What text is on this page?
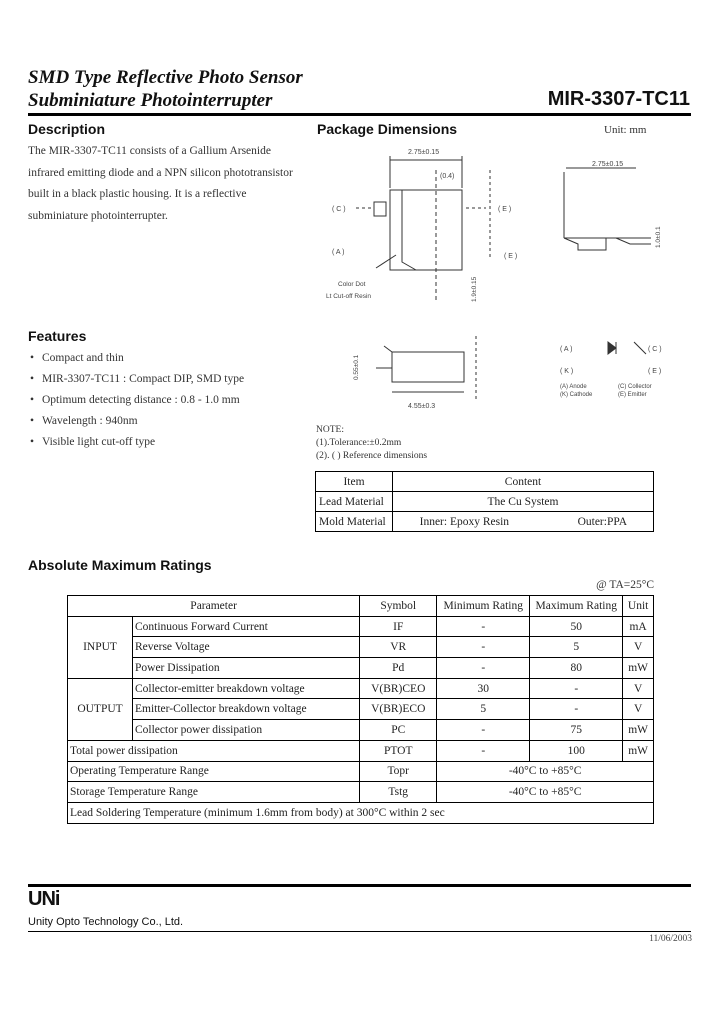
SMD Type Reflective Photo Sensor
Subminiature Photointerrupter	MIR-3307-TC11
Description
The MIR-3307-TC11 consists of a Gallium Arsenide infrared emitting diode and a NPN silicon phototransistor built in a black plastic housing. It is a reflective subminiature photointerrupter.
Package Dimensions	Unit: mm
2.75±0.15
(0.4)
( C )
( A )
( E )
Color Dot
Lt Cut-off Resin	1.9±0.15
2.75±0.15
1.0±0.1
( E )
4.55±0.3
0.55±0.1
( A )	( C )
( K )	( E )
(A) Anode (K) Cathode
(C) Collector (E) Emitter
NOTE:
(1).Tolerance:±0.2mm
(2). ( ) Reference dimensions
Item	Content	
Lead Material	The Cu System	
Mold Material	Inner: Epoxy Resin	Outer:PPA
Features
• Compact and thin
• MIR-3307-TC11 : Compact DIP, SMD type
• Optimum detecting distance : 0.8 - 1.0 mm
• Wavelength : 940nm
• Visible light cut-off type
Absolute Maximum Ratings
@ TA=25°C
Parameter		Symbol	Minimum Rating	Maximum Rating	Unit
INPUT	Continuous Forward Current	IF	-	50	mA
	Reverse Voltage	VR	-	5	V
	Power Dissipation	Pd	-	80	mW
OUTPUT	Collector-emitter breakdown voltage	V(BR)CEO	30	-	V
	Emitter-Collector breakdown voltage	V(BR)ECO	5	-	V
	Collector power dissipation	PC	-	75	mW
Total power dissipation		PTOT	-	100	mW
Operating Temperature Range		Topr	-40°C to +85°C		
Storage Temperature Range		Tstg	-40°C to +85°C		
Lead Soldering Temperature (minimum 1.6mm from body) at 300°C within 2 sec					
UNi
Unity Opto Technology Co., Ltd.
11/06/2003
